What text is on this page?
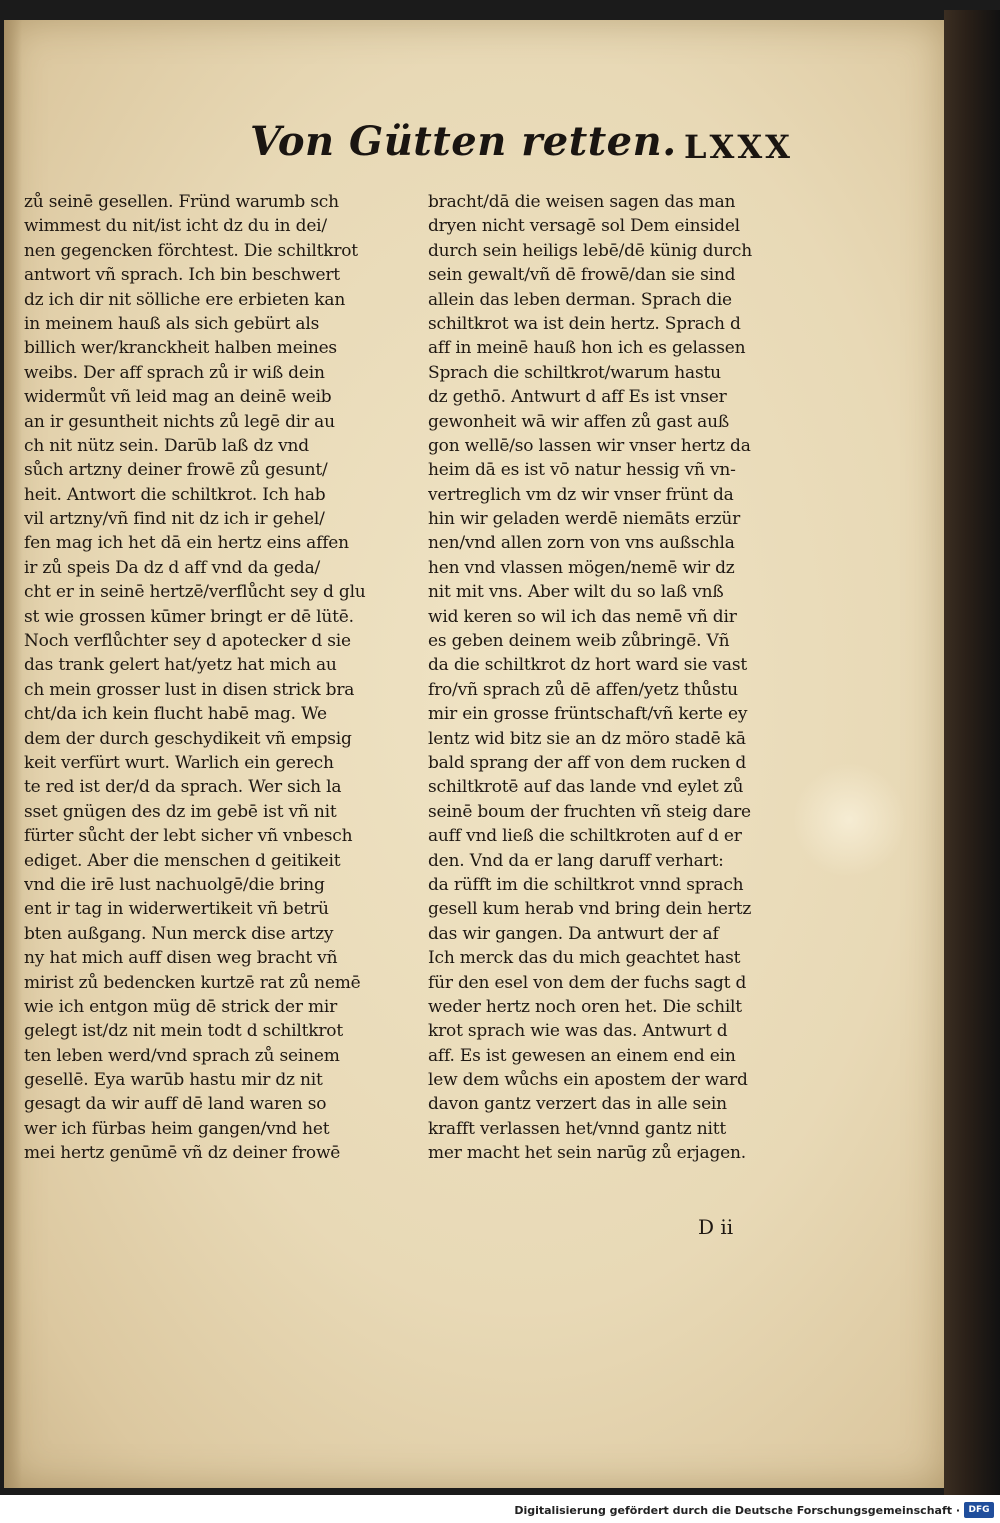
Von Gütten retten. LXXX
zů seinē gesellen. Fründ warumb sch
wimmest du nit/ist icht dz du in dei/
nen gegencken förchtest. Die schiltkrot
antwort vñ sprach. Ich bin beschwert
dz ich dir nit sölliche ere erbieten kan
in meinem hauß als sich gebürt als
billich wer/kranckheit halben meines
weibs. Der aff sprach zů ir wiß dein
widermůt vñ leid mag an deinē weib
an ir gesuntheit nichts zů legē dir au
ch nit nütz sein. Darūb laß dz vnd
sůch artzny deiner frowē zů gesunt/
heit. Antwort die schiltkrot. Ich hab
vil artzny/vñ find nit dz ich ir gehel/
fen mag ich het dā ein hertz eins affen
ir zů speis Da dz d aff vnd da geda/
cht er in seinē hertzē/verflůcht sey d glu
st wie grossen kūmer bringt er dē lütē.
Noch verflůchter sey d apotecker d sie
das trank gelert hat/yetz hat mich au
ch mein grosser lust in disen strick bra
cht/da ich kein flucht habē mag. We
dem der durch geschydikeit vñ empsig
keit verfürt wurt. Warlich ein gerech
te red ist der/d da sprach. Wer sich la
sset gnügen des dz im gebē ist vñ nit
fürter sůcht der lebt sicher vñ vnbesch
ediget. Aber die menschen d geitikeit
vnd die irē lust nachuolgē/die bring
ent ir tag in widerwertikeit vñ betrü
bten außgang. Nun merck dise artzy
ny hat mich auff disen weg bracht vñ
mirist zů bedencken kurtzē rat zů nemē
wie ich entgon müg dē strick der mir
gelegt ist/dz nit mein todt d schiltkrot
ten leben werd/vnd sprach zů seinem
gesellē. Eya warūb hastu mir dz nit
gesagt da wir auff dē land waren so
wer ich fürbas heim gangen/vnd het
mei hertz genūmē vñ dz deiner frowē
bracht/dā die weisen sagen das man
dryen nicht versagē sol Dem einsidel
durch sein heiligs lebē/dē künig durch
sein gewalt/vñ dē frowē/dan sie sind
allein das leben derman. Sprach die
schiltkrot wa ist dein hertz. Sprach d
aff in meinē hauß hon ich es gelassen
Sprach die schiltkrot/warum hastu
dz gethō. Antwurt d aff Es ist vnser
gewonheit wā wir affen zů gast auß
gon wellē/so lassen wir vnser hertz da
heim dā es ist vō natur hessig vñ vn-
vertreglich vm dz wir vnser frünt da
hin wir geladen werdē niemāts erzür
nen/vnd allen zorn von vns außschla
hen vnd vlassen mögen/nemē wir dz
nit mit vns. Aber wilt du so laß vnß
wid keren so wil ich das nemē vñ dir
es geben deinem weib zůbringē. Vñ
da die schiltkrot dz hort ward sie vast
fro/vñ sprach zů dē affen/yetz thůstu
mir ein grosse früntschaft/vñ kerte ey
lentz wid bitz sie an dz möro stadē kā
bald sprang der aff von dem rucken d
schiltkrotē auf das lande vnd eylet zů
seinē boum der fruchten vñ steig dare
auff vnd ließ die schiltkroten auf d er
den. Vnd da er lang daruff verhart:
da rüfft im die schiltkrot vnnd sprach
gesell kum herab vnd bring dein hertz
das wir gangen. Da antwurt der af
Ich merck das du mich geachtet hast
für den esel von dem der fuchs sagt d
weder hertz noch oren het. Die schilt
krot sprach wie was das. Antwurt d
aff. Es ist gewesen an einem end ein
lew dem wůchs ein apostem der ward
davon gantz verzert das in alle sein
krafft verlassen het/vnnd gantz nitt
mer macht het sein narūg zů erjagen.
D ii
Digitalisierung gefördert durch die Deutsche Forschungsgemeinschaft · DFG
